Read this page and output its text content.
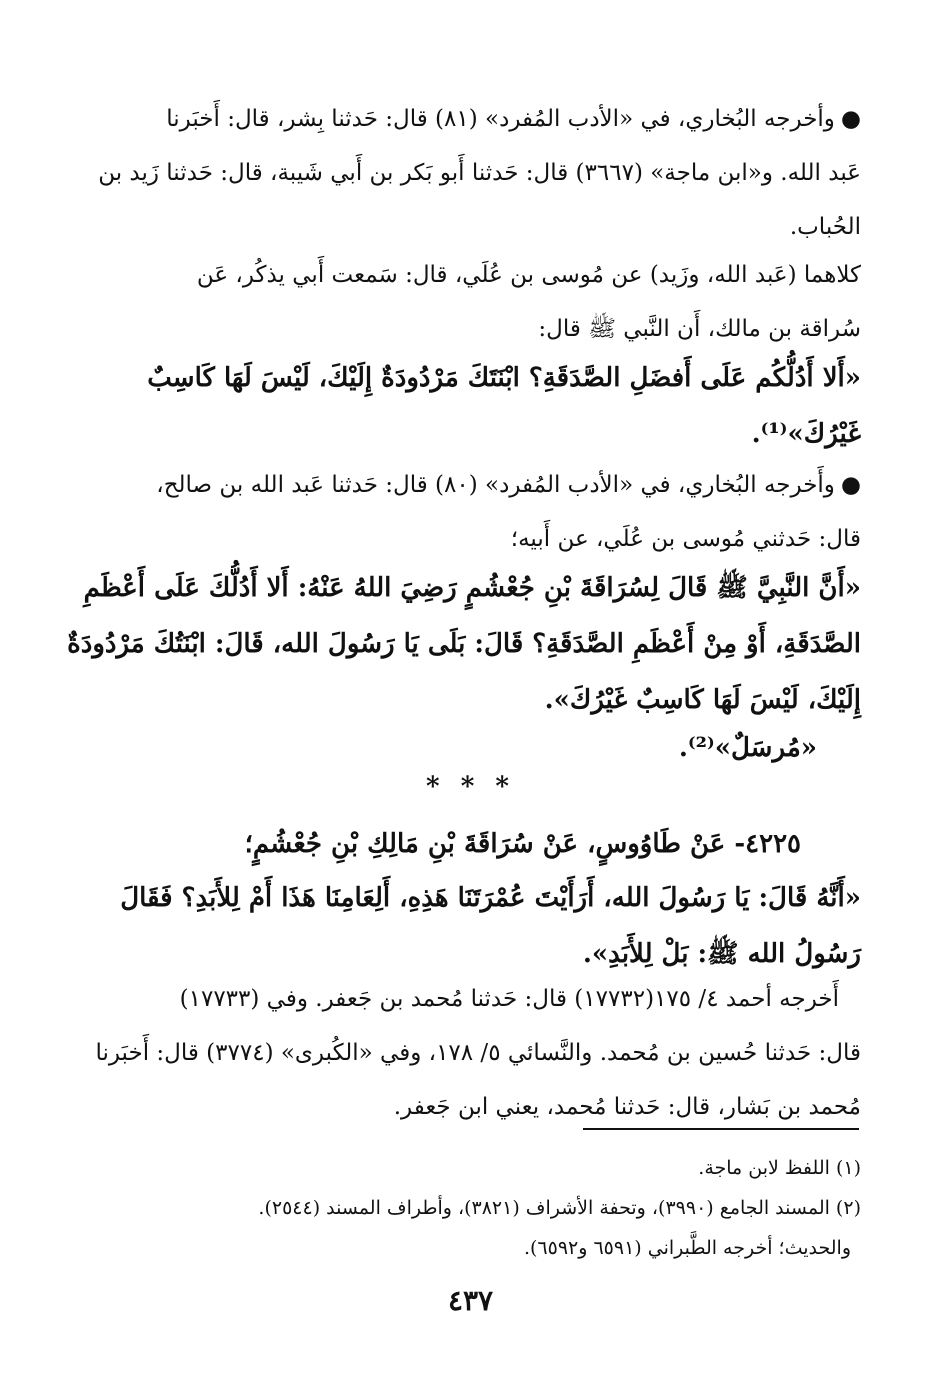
●وأخرجه البُخاري، في «الأدب المُفرد» (٨١) قال: حَدثنا بِشر، قال: أَخبَرنا
عَبد الله. و«ابن ماجة» (٣٦٦٧) قال: حَدثنا أَبو بَكر بن أَبي شَيبة، قال: حَدثنا زَيد بن
الحُباب.
كلاهما (عَبد الله، وزَيد) عن مُوسى بن عُلَي، قال: سَمعت أَبي يذكُر، عَن
سُراقة بن مالك، أَن النَّبي ﷺ قال:
«أَلا أَدُلُّكُم عَلَى أَفضَلِ الصَّدَقَةِ؟ ابْنَتَكَ مَرْدُودَةٌ إِلَيْكَ، لَيْسَ لَهَا كَاسِبٌ
غَيْرُكَ»⁽¹⁾.
●وأَخرجه البُخاري، في «الأدب المُفرد» (٨٠) قال: حَدثنا عَبد الله بن صالح،
قال: حَدثني مُوسى بن عُلَي، عن أَبيه؛
«أَنَّ النَّبِيَّ ﷺ قَالَ لِسُرَاقَةَ بْنِ جُعْشُمٍ رَضِيَ اللهُ عَنْهُ: أَلا أَدُلُّكَ عَلَى أَعْظَمِ
الصَّدَقَةِ، أَوْ مِنْ أَعْظَمِ الصَّدَقَةِ؟ قَالَ: بَلَى يَا رَسُولَ الله، قَالَ: ابْنَتُكَ مَرْدُودَةٌ
إِلَيْكَ، لَيْسَ لَهَا كَاسِبٌ غَيْرُكَ».
«مُرسَلٌ»⁽²⁾.
* * *
٤٢٢٥- عَنْ طَاوُوسٍ، عَنْ سُرَاقَةَ بْنِ مَالِكِ بْنِ جُعْشُمٍ؛
«أَنَّهُ قَالَ: يَا رَسُولَ الله، أَرَأَيْتَ عُمْرَتَنَا هَذِهِ، أَلِعَامِنَا هَذَا أَمْ لِلأَبَدِ؟ فَقَالَ
رَسُولُ الله ﷺ: بَلْ لِلأَبَدِ».
أَخرجه أحمد ٤/ ١٧٥(١٧٧٣٢) قال: حَدثنا مُحمد بن جَعفر. وفي (١٧٧٣٣)
قال: حَدثنا حُسين بن مُحمد. والنَّسائي ٥/ ١٧٨، وفي «الكُبرى» (٣٧٧٤) قال: أَخبَرنا
مُحمد بن بَشار، قال: حَدثنا مُحمد، يعني ابن جَعفر.
(١) اللفظ لابن ماجة.
(٢) المسند الجامع (٣٩٩٠)، وتحفة الأشراف (٣٨٢١)، وأطراف المسند (٢٥٤٤).
والحديث؛ أخرجه الطَّبراني (٦٥٩١ و٦٥٩٢).
٤٣٧
